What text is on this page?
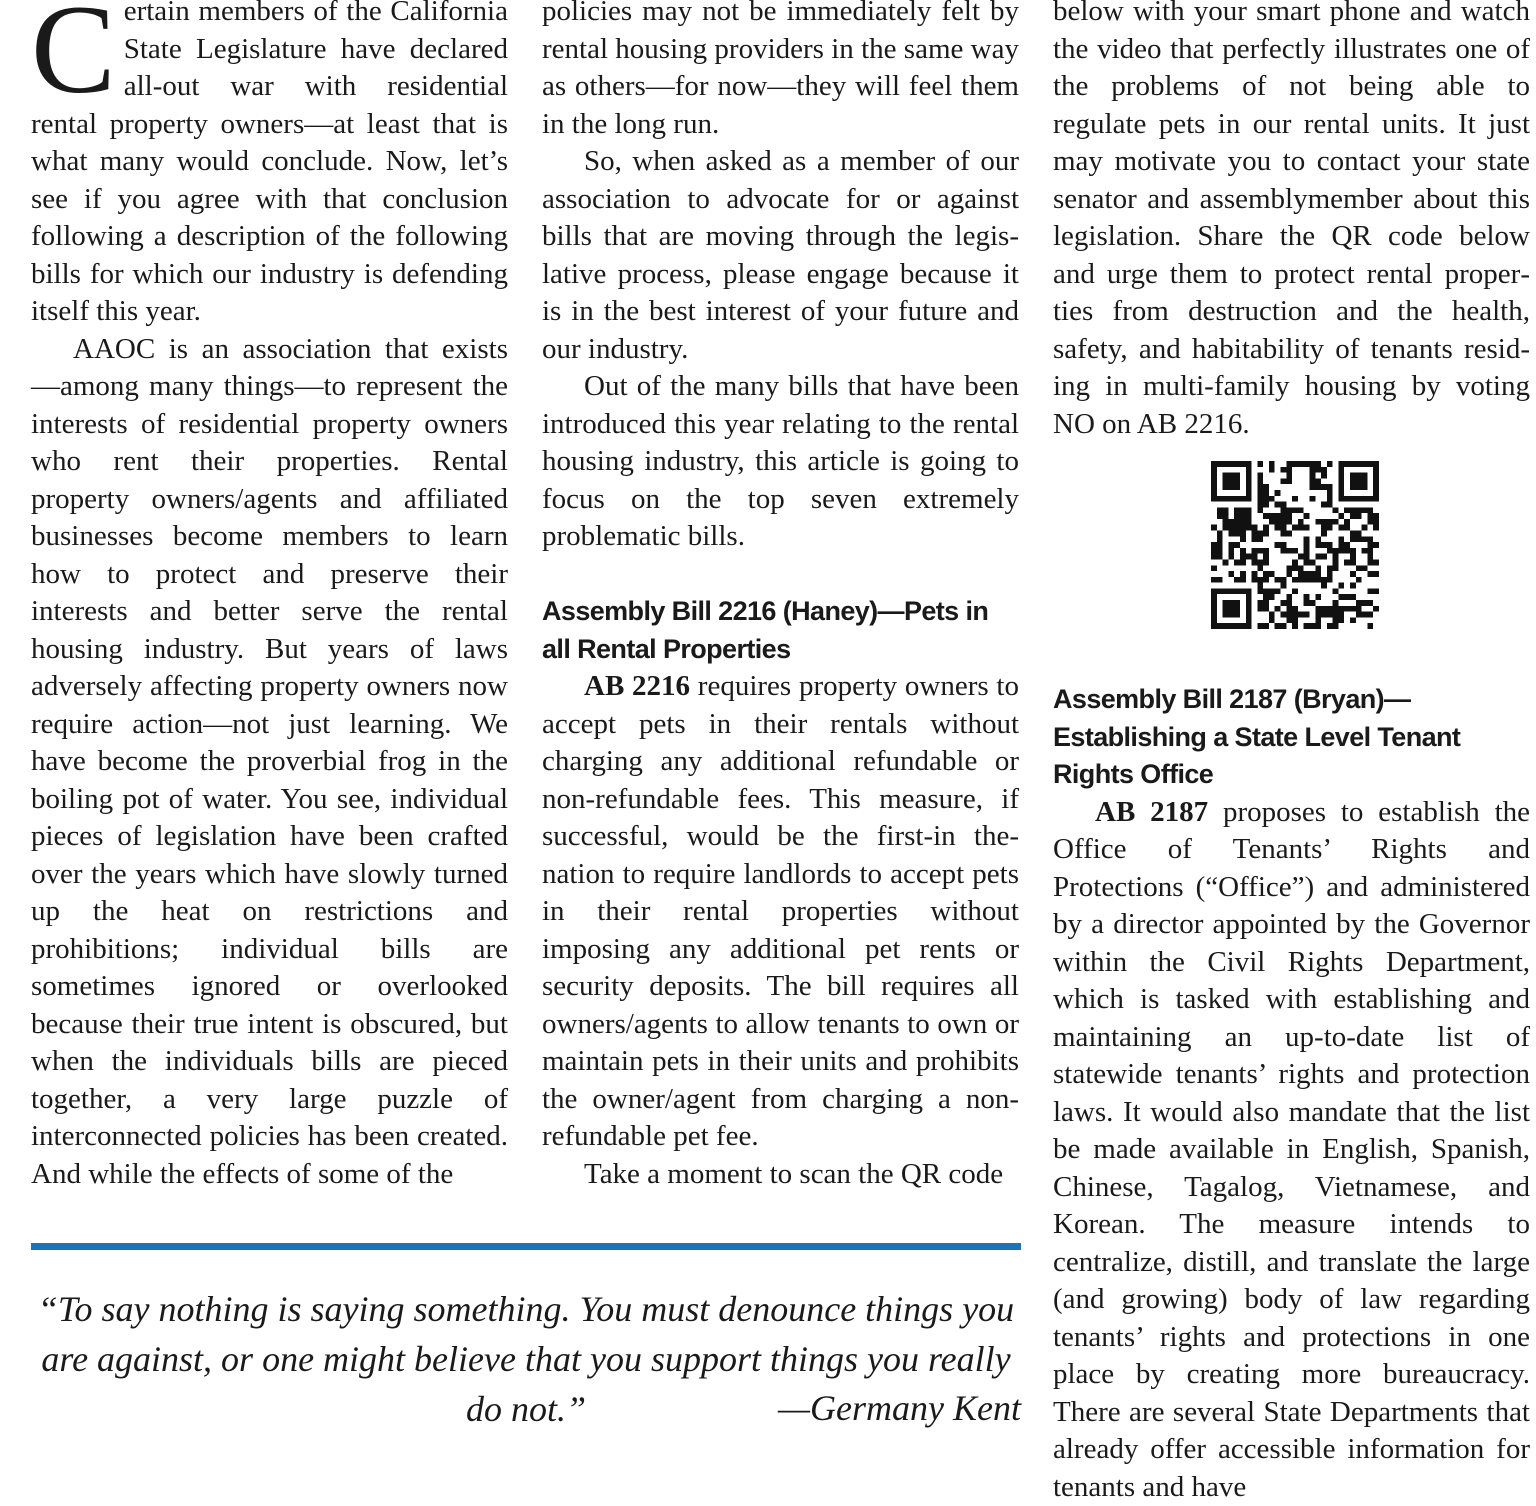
Certain members of the California State Legislature have declared all-out war with residential rental property owners—at least that is what many would conclude. Now, let’s see if you agree with that conclusion following a description of the following bills for which our industry is defending itself this year.

AAOC is an association that exists —among many things—to represent the interests of residential property owners who rent their properties. Rental property owners/agents and affiliated businesses become members to learn how to protect and preserve their interests and better serve the rental housing industry. But years of laws adversely affecting property owners now require action—not just learning. We have become the proverbial frog in the boiling pot of water. You see, individual pieces of legislation have been crafted over the years which have slowly turned up the heat on restrictions and prohibitions; individual bills are sometimes ignored or overlooked because their true intent is obscured, but when the individuals bills are pieced together, a very large puzzle of interconnected policies has been created. And while the effects of some of the

policies may not be immediately felt by rental housing providers in the same way as others—for now—they will feel them in the long run.

So, when asked as a member of our association to advocate for or against bills that are moving through the legislative process, please engage because it is in the best interest of your future and our industry.

Out of the many bills that have been introduced this year relating to the rental housing industry, this article is going to focus on the top seven extremely problematic bills.

Assembly Bill 2216 (Haney)—Pets in all Rental Properties

AB 2216 requires property owners to accept pets in their rentals without charging any additional refundable or non-refundable fees. This measure, if successful, would be the first-in the-nation to require landlords to accept pets in their rental properties without imposing any additional pet rents or security deposits. The bill requires all owners/agents to allow tenants to own or maintain pets in their units and prohibits the owner/agent from charging a non-refundable pet fee.

Take a moment to scan the QR code

below with your smart phone and watch the video that perfectly illustrates one of the problems of not being able to regulate pets in our rental units. It just may motivate you to contact your state senator and assemblymember about this legislation. Share the QR code below and urge them to protect rental properties from destruction and the health, safety, and habitability of tenants residing in multi-family housing by voting NO on AB 2216.

Assembly Bill 2187 (Bryan)—Establishing a State Level Tenant Rights Office

AB 2187 proposes to establish the Office of Tenants’ Rights and Protections (“Office”) and administered by a director appointed by the Governor within the Civil Rights Department, which is tasked with establishing and maintaining an up-to-date list of statewide tenants’ rights and protection laws. It would also mandate that the list be made available in English, Spanish, Chinese, Tagalog, Vietnamese, and Korean. The measure intends to centralize, distill, and translate the large (and growing) body of law regarding tenants’ rights and protections in one place by creating more bureaucracy. There are several State Departments that already offer accessible information for tenants and have

“To say nothing is saying something. You must denounce things you are against, or one might believe that you support things you really do not.”	—Germany Kent
